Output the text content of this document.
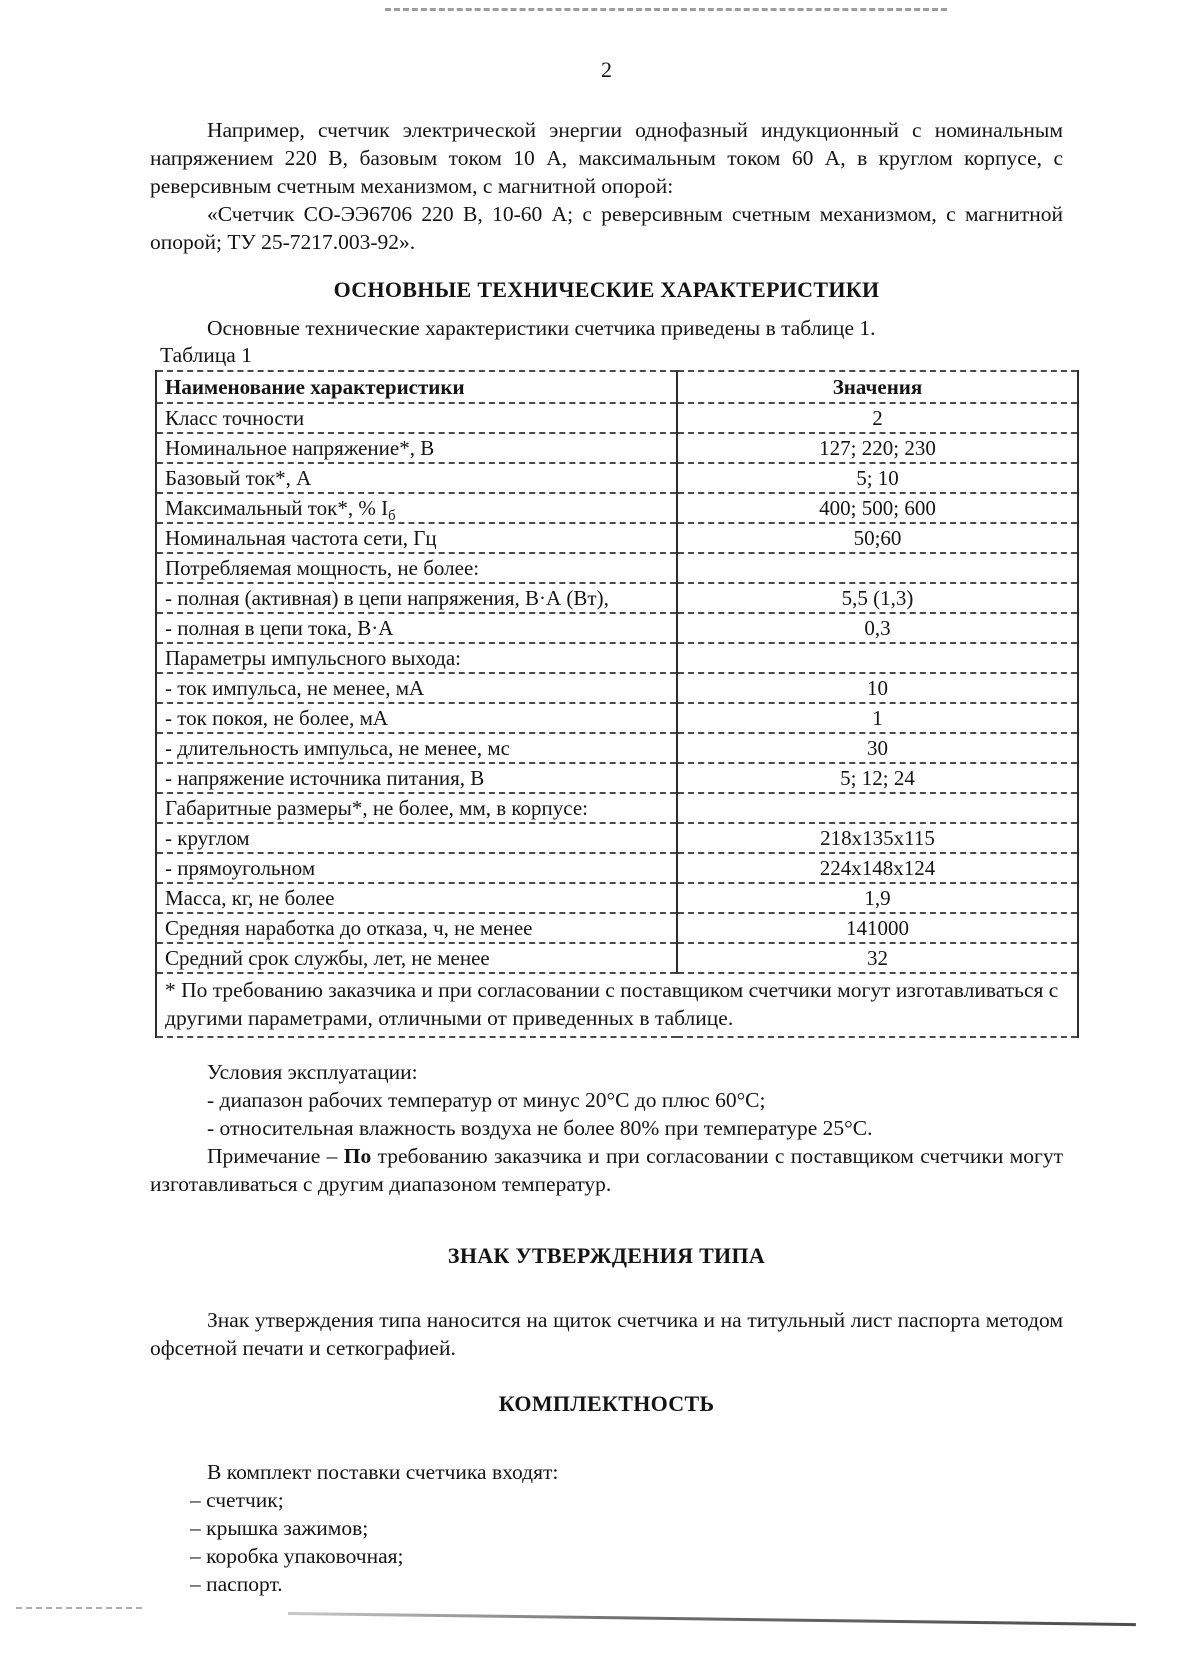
2

Например, счетчик электрической энергии однофазный индукционный с номинальным напряжением 220 В, базовым током 10 А, максимальным током 60 А, в круглом корпусе, с реверсивным счетным механизмом, с магнитной опорой:

«Счетчик СО-ЭЭ6706 220 В, 10-60 А; с реверсивным счетным механизмом, с магнитной опорой; ТУ 25-7217.003-92».

ОСНОВНЫЕ ТЕХНИЧЕСКИЕ ХАРАКТЕРИСТИКИ

Основные технические характеристики счетчика приведены в таблице 1.

Таблица 1
Наименование характеристики	Значения
Класс точности	2
Номинальное напряжение*, В	127; 220; 230
Базовый ток*, А	5; 10
Максимальный ток*, % $I_б$	400; 500; 600
Номинальная частота сети, Гц	50;60
Потребляемая мощность, не более:	
- полная (активная) в цепи напряжения, В·А (Вт),	5,5 (1,3)
- полная в цепи тока, В·А	0,3
Параметры импульсного выхода:	
- ток импульса, не менее, мА	10
- ток покоя, не более, мА	1
- длительность импульса, не менее, мс	30
- напряжение источника питания, В	5; 12; 24
Габаритные размеры*, не более, мм, в корпусе:	
- круглом	218х135х115
- прямоугольном	224х148х124
Масса, кг, не более	1,9
Средняя наработка до отказа, ч, не менее	141000
Средний срок службы, лет, не менее	32
* По требованию заказчика и при согласовании с поставщиком счетчики могут изготавливаться с другими параметрами, отличными от приведенных в таблице.	

Условия эксплуатации:

- диапазон рабочих температур от минус 20°С до плюс 60°С;

- относительная влажность воздуха не более 80% при температуре 25°С.

Примечание – По требованию заказчика и при согласовании с поставщиком счетчики могут изготавливаться с другим диапазоном температур.

ЗНАК УТВЕРЖДЕНИЯ ТИПА

Знак утверждения типа наносится на щиток счетчика и на титульный лист паспорта методом офсетной печати и сеткографией.

КОМПЛЕКТНОСТЬ

В комплект поставки счетчика входят:

– счетчик;
– крышка зажимов;
– коробка упаковочная;
– паспорт.
